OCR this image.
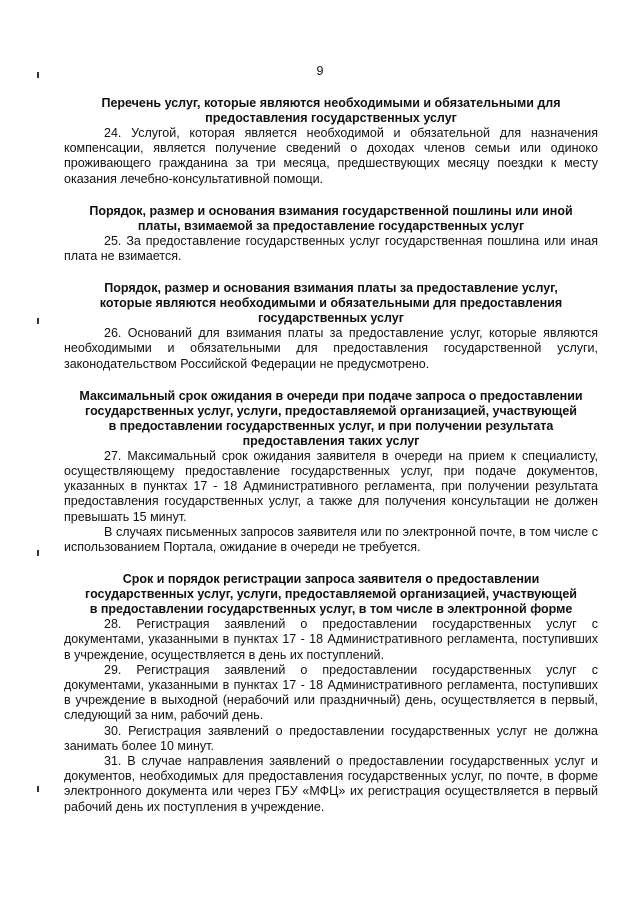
9
Перечень услуг, которые являются необходимыми и обязательными для
предоставления государственных услуг

24. Услугой, которая является необходимой и обязательной для назначения компенсации, является получение сведений о доходах членов семьи или одиноко проживающего гражданина за три месяца, предшествующих месяцу поездки к месту оказания лечебно-консультативной помощи.

Порядок, размер и основания взимания государственной пошлины или иной
платы, взимаемой за предоставление государственных услуг

25. За предоставление государственных услуг государственная пошлина или иная плата не взимается.

Порядок, размер и основания взимания платы за предоставление услуг,
которые являются необходимыми и обязательными для предоставления
государственных услуг

26. Оснований для взимания платы за предоставление услуг, которые являются необходимыми и обязательными для предоставления государственной услуги, законодательством Российской Федерации не предусмотрено.

Максимальный срок ожидания в очереди при подаче запроса о предоставлении
государственных услуг, услуги, предоставляемой организацией, участвующей
в предоставлении государственных услуг, и при получении результата
предоставления таких услуг

27. Максимальный срок ожидания заявителя в очереди на прием к специалисту, осуществляющему предоставление государственных услуг, при подаче документов, указанных в пунктах 17 - 18 Административного регламента, при получении результата предоставления государственных услуг, а также для получения консультации не должен превышать 15 минут.

В случаях письменных запросов заявителя или по электронной почте, в том числе с использованием Портала, ожидание в очереди не требуется.

Срок и порядок регистрации запроса заявителя о предоставлении
государственных услуг, услуги, предоставляемой организацией, участвующей
в предоставлении государственных услуг, в том числе в электронной форме

28. Регистрация заявлений о предоставлении государственных услуг с документами, указанными в пунктах 17 - 18 Административного регламента, поступивших в учреждение, осуществляется в день их поступлений.

29. Регистрация заявлений о предоставлении государственных услуг с документами, указанными в пунктах 17 - 18 Административного регламента, поступивших в учреждение в выходной (нерабочий или праздничный) день, осуществляется в первый, следующий за ним, рабочий день.

30. Регистрация заявлений о предоставлении государственных услуг не должна занимать более 10 минут.

31. В случае направления заявлений о предоставлении государственных услуг и документов, необходимых для предоставления государственных услуг, по почте, в форме электронного документа или через ГБУ «МФЦ» их регистрация осуществляется в первый рабочий день их поступления в учреждение.
